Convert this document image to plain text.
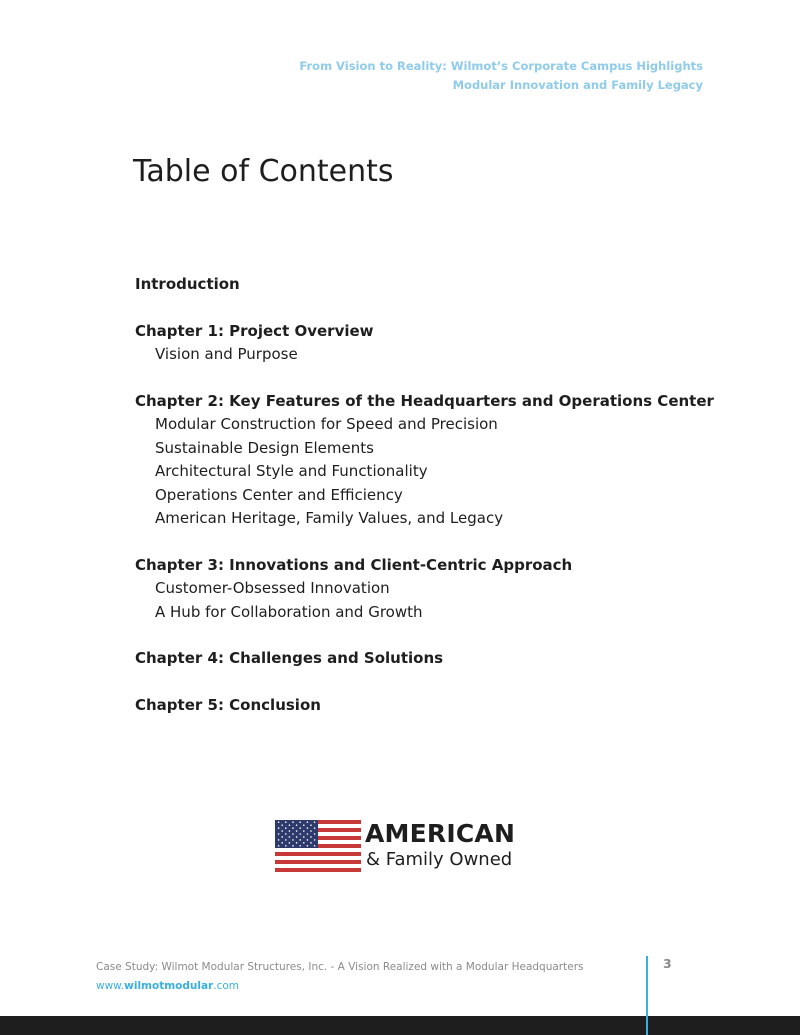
From Vision to Reality: Wilmot’s Corporate Campus Highlights
Modular Innovation and Family Legacy
Table of Contents
Introduction
Chapter 1: Project Overview
Vision and Purpose
Chapter 2: Key Features of the Headquarters and Operations Center
Modular Construction for Speed and Precision
Sustainable Design Elements
Architectural Style and Functionality
Operations Center and Efficiency
American Heritage, Family Values, and Legacy
Chapter 3: Innovations and Client-Centric Approach
Customer-Obsessed Innovation
A Hub for Collaboration and Growth
Chapter 4: Challenges and Solutions
Chapter 5: Conclusion
AMERICAN
& Family Owned
Case Study: Wilmot Modular Structures, Inc. - A Vision Realized with a Modular Headquarters
www.wilmotmodular.com
3
